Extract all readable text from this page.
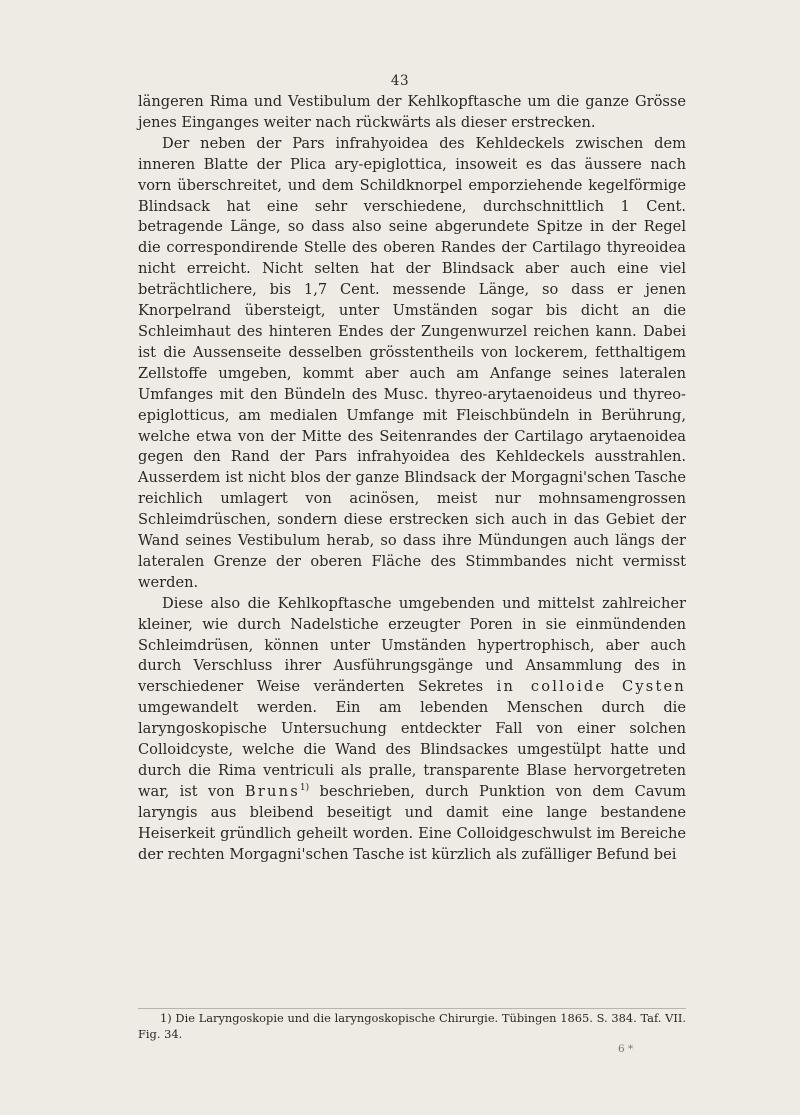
43

längeren Rima und Vestibulum der Kehlkopftasche um die ganze Grösse jenes Einganges weiter nach rückwärts als dieser erstrecken.

Der neben der Pars infrahyoidea des Kehldeckels zwischen dem inneren Blatte der Plica ary-epiglottica, insoweit es das äussere nach vorn überschreitet, und dem Schildknorpel emporziehende kegelförmige Blindsack hat eine sehr verschiedene, durchschnittlich 1 Cent. betragende Länge, so dass also seine abgerundete Spitze in der Regel die correspondirende Stelle des oberen Randes der Cartilago thyreoidea nicht erreicht. Nicht selten hat der Blindsack aber auch eine viel beträchtlichere, bis 1,7 Cent. messende Länge, so dass er jenen Knorpelrand übersteigt, unter Umständen sogar bis dicht an die Schleimhaut des hinteren Endes der Zungenwurzel reichen kann. Dabei ist die Aussenseite desselben grösstentheils von lockerem, fetthaltigem Zellstoffe umgeben, kommt aber auch am Anfange seines lateralen Umfanges mit den Bündeln des Musc. thyreo-arytaenoideus und thyreo-epiglotticus, am medialen Umfange mit Fleischbündeln in Berührung, welche etwa von der Mitte des Seitenrandes der Cartilago arytaenoidea gegen den Rand der Pars infrahyoidea des Kehldeckels ausstrahlen. Ausserdem ist nicht blos der ganze Blindsack der Morgagni'schen Tasche reichlich umlagert von acinösen, meist nur mohnsamengrossen Schleimdrüschen, sondern diese erstrecken sich auch in das Gebiet der Wand seines Vestibulum herab, so dass ihre Mündungen auch längs der lateralen Grenze der oberen Fläche des Stimmbandes nicht vermisst werden.

Diese also die Kehlkopftasche umgebenden und mittelst zahlreicher kleiner, wie durch Nadelstiche erzeugter Poren in sie einmündenden Schleimdrüsen, können unter Umständen hypertrophisch, aber auch durch Verschluss ihrer Ausführungsgänge und Ansammlung des in verschiedener Weise veränderten Sekretes in colloide Cysten umgewandelt werden. Ein am lebenden Menschen durch die laryngoskopische Untersuchung entdeckter Fall von einer solchen Colloidcyste, welche die Wand des Blindsackes umgestülpt hatte und durch die Rima ventriculi als pralle, transparente Blase hervorgetreten war, ist von Bruns$^{1)}$ beschrieben, durch Punktion von dem Cavum laryngis aus bleibend beseitigt und damit eine lange bestandene Heiserkeit gründlich geheilt worden. Eine Colloidgeschwulst im Bereiche der rechten Morgagni'schen Tasche ist kürzlich als zufälliger Befund bei

1) Die Laryngoskopie und die laryngoskopische Chirurgie. Tübingen 1865. S. 384. Taf. VII. Fig. 34.

6 *
